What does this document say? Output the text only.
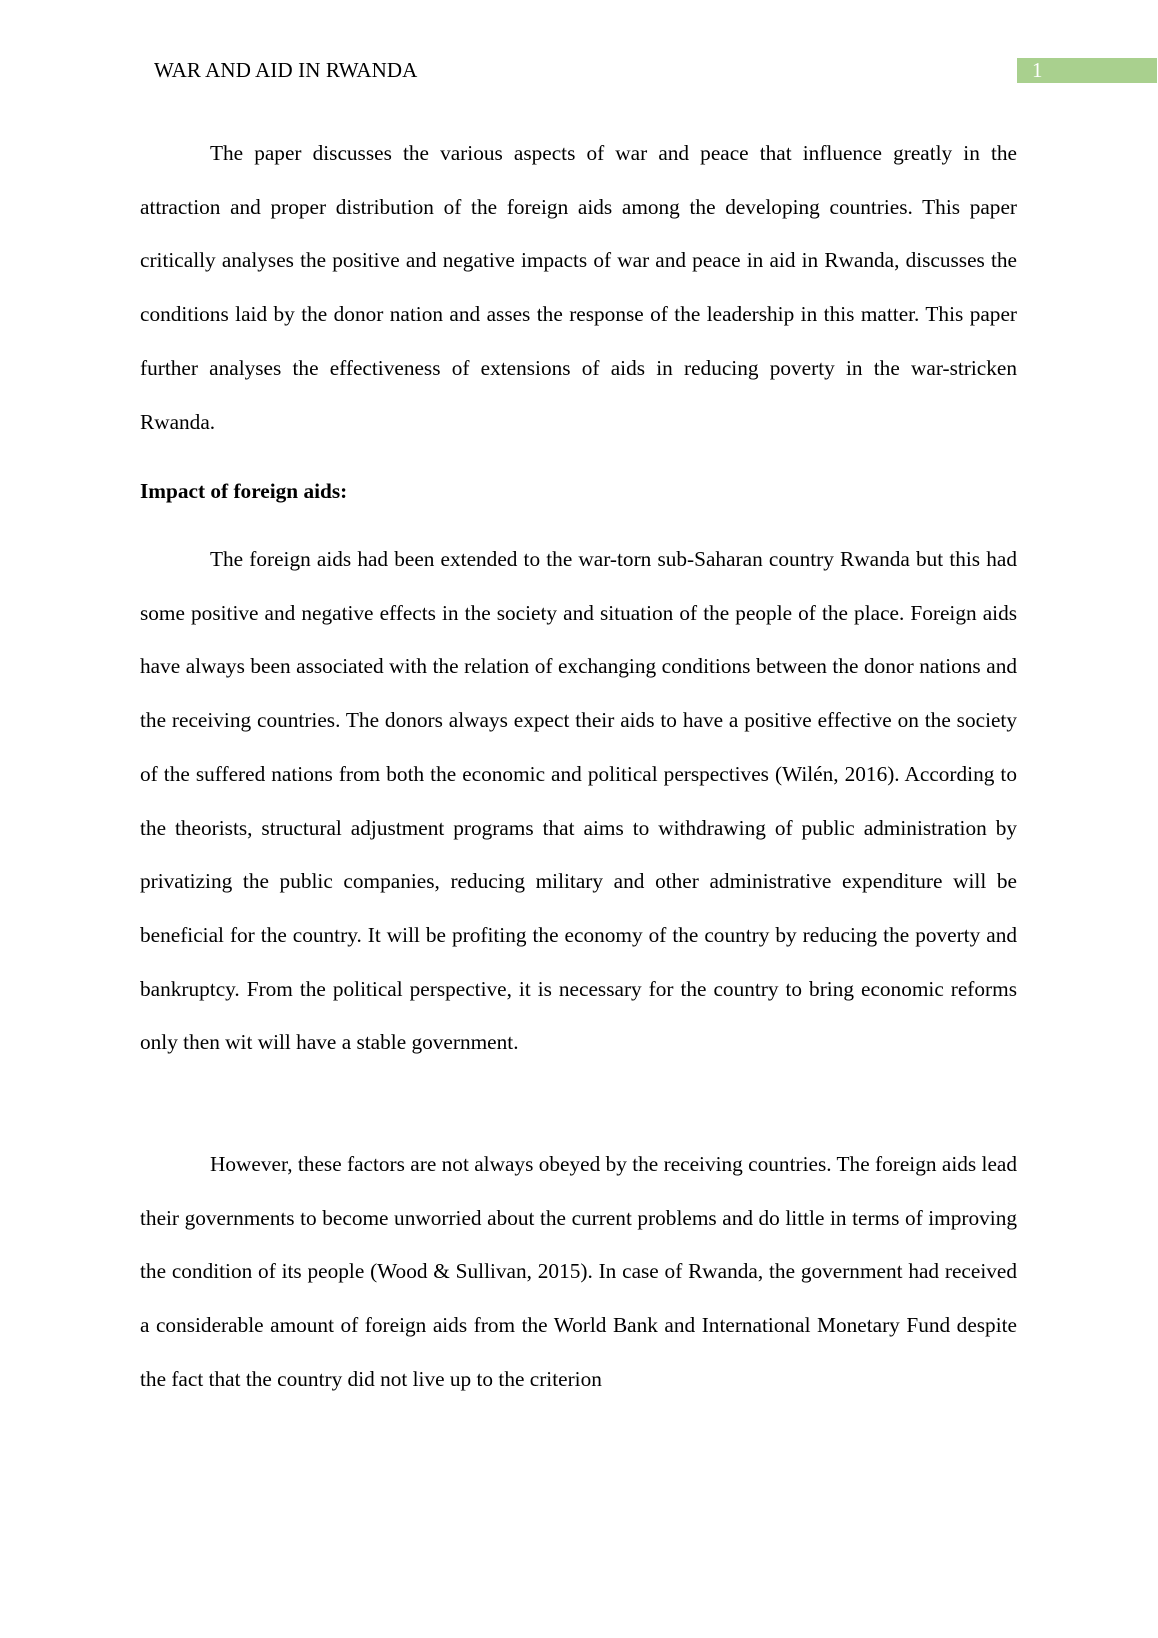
WAR AND AID IN RWANDA	1

The paper discusses the various aspects of war and peace that influence greatly in the attraction and proper distribution of the foreign aids among the developing countries. This paper critically analyses the positive and negative impacts of war and peace in aid in Rwanda, discusses the conditions laid by the donor nation and asses the response of the leadership in this matter. This paper further analyses the effectiveness of extensions of aids in reducing poverty in the war-stricken Rwanda.

Impact of foreign aids:

The foreign aids had been extended to the war-torn sub-Saharan country Rwanda but this had some positive and negative effects in the society and situation of the people of the place. Foreign aids have always been associated with the relation of exchanging conditions between the donor nations and the receiving countries. The donors always expect their aids to have a positive effective on the society of the suffered nations from both the economic and political perspectives (Wilén, 2016). According to the theorists, structural adjustment programs that aims to withdrawing of public administration by privatizing the public companies, reducing military and other administrative expenditure will be beneficial for the country. It will be profiting the economy of the country by reducing the poverty and bankruptcy. From the political perspective, it is necessary for the country to bring economic reforms only then wit will have a stable government.

However, these factors are not always obeyed by the receiving countries. The foreign aids lead their governments to become unworried about the current problems and do little in terms of improving the condition of its people (Wood & Sullivan, 2015). In case of Rwanda, the government had received a considerable amount of foreign aids from the World Bank and International Monetary Fund despite the fact that the country did not live up to the criterion
